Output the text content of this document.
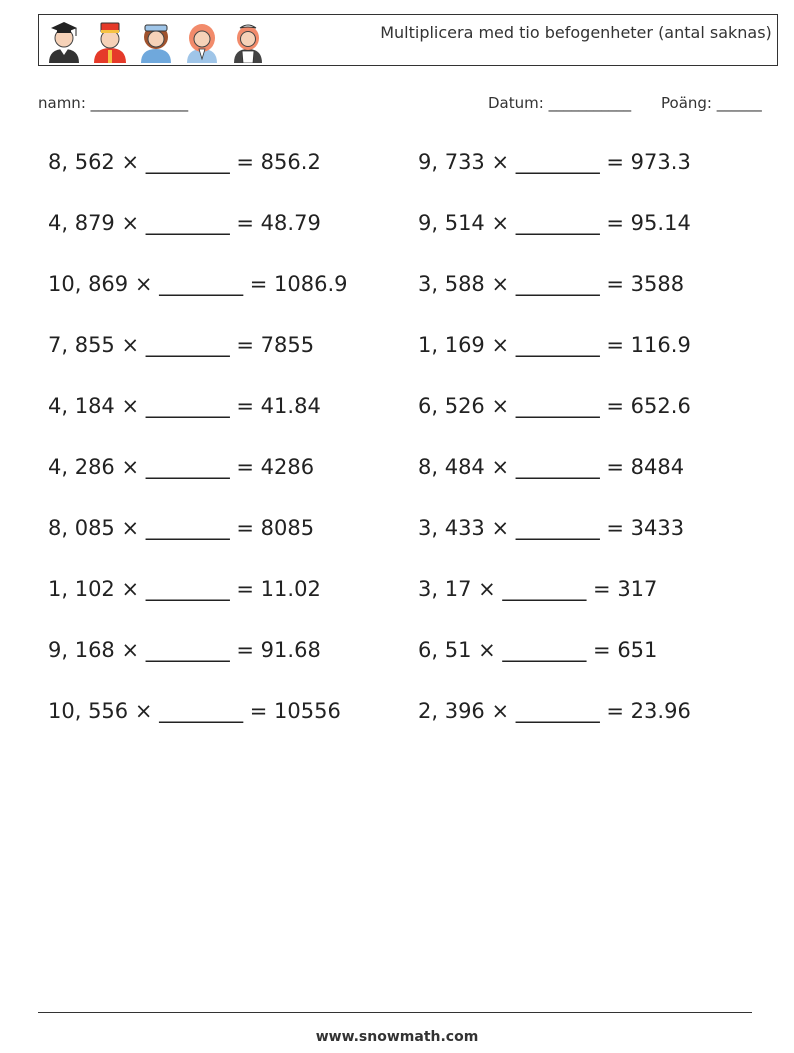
Multiplicera med tio befogenheter (antal saknas)
namn: _____________	Datum: ___________ Poäng: ______
8, 562 × ________ = 856.2
4, 879 × ________ = 48.79
10, 869 × ________ = 1086.9
7, 855 × ________ = 7855
4, 184 × ________ = 41.84
4, 286 × ________ = 4286
8, 085 × ________ = 8085
1, 102 × ________ = 11.02
9, 168 × ________ = 91.68
10, 556 × ________ = 10556
9, 733 × ________ = 973.3
9, 514 × ________ = 95.14
3, 588 × ________ = 3588
1, 169 × ________ = 116.9
6, 526 × ________ = 652.6
8, 484 × ________ = 8484
3, 433 × ________ = 3433
3, 17 × ________ = 317
6, 51 × ________ = 651
2, 396 × ________ = 23.96
www.snowmath.com
